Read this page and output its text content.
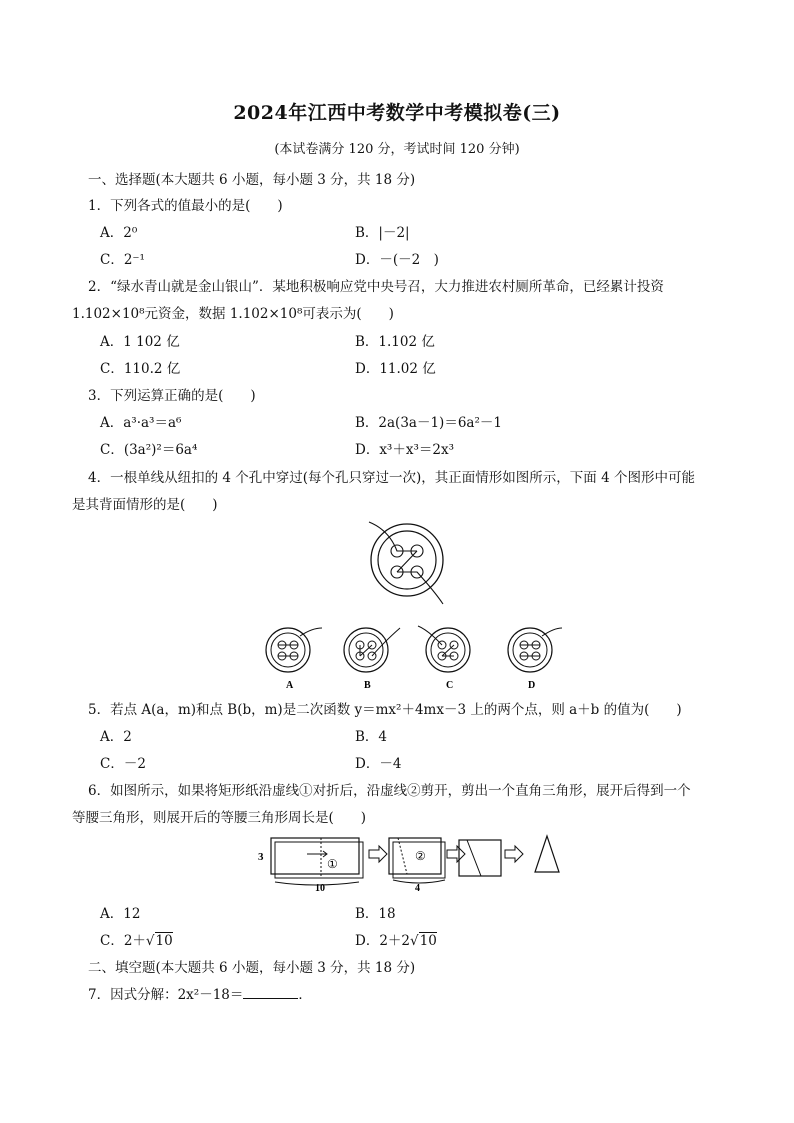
2024年江西中考数学中考模拟卷(三)
(本试卷满分 120 分，考试时间 120 分钟)
一、选择题(本大题共 6 小题，每小题 3 分，共 18 分)
1．下列各式的值最小的是(　　)
A．2⁰	B．|－2|
C．2⁻¹	D．－(－2　)
2．“绿水青山就是金山银山”．某地积极响应党中央号召，大力推进农村厕所革命，已经累计投资
1.102×10⁸元资金，数据 1.102×10⁸可表示为(　　)
A．1 102 亿	B．1.102 亿
C．110.2 亿	D．11.02 亿
3．下列运算正确的是(　　)
A．a³·a³＝a⁶	B．2a(3a－1)＝6a²－1
C．(3a²)²＝6a⁴	D．x³＋x³＝2x³
4．一根单线从纽扣的 4 个孔中穿过(每个孔只穿过一次)，其正面情形如图所示，下面 4 个图形中可能
是其背面情形的是(　　)
A	B	C	D
5．若点 A(a，m)和点 B(b，m)是二次函数 y＝mx²＋4mx－3 上的两个点，则 a＋b 的值为(　　)
A．2	B．4
C．－2	D．－4
6．如图所示，如果将矩形纸沿虚线①对折后，沿虚线②剪开，剪出一个直角三角形，展开后得到一个
等腰三角形，则展开后的等腰三角形周长是(　　)
3	①
10
②
4
A．12	B．18
C．2＋√10	D．2＋2√10
二、填空题(本大题共 6 小题，每小题 3 分，共 18 分)
7．因式分解：2x²－18＝	．
